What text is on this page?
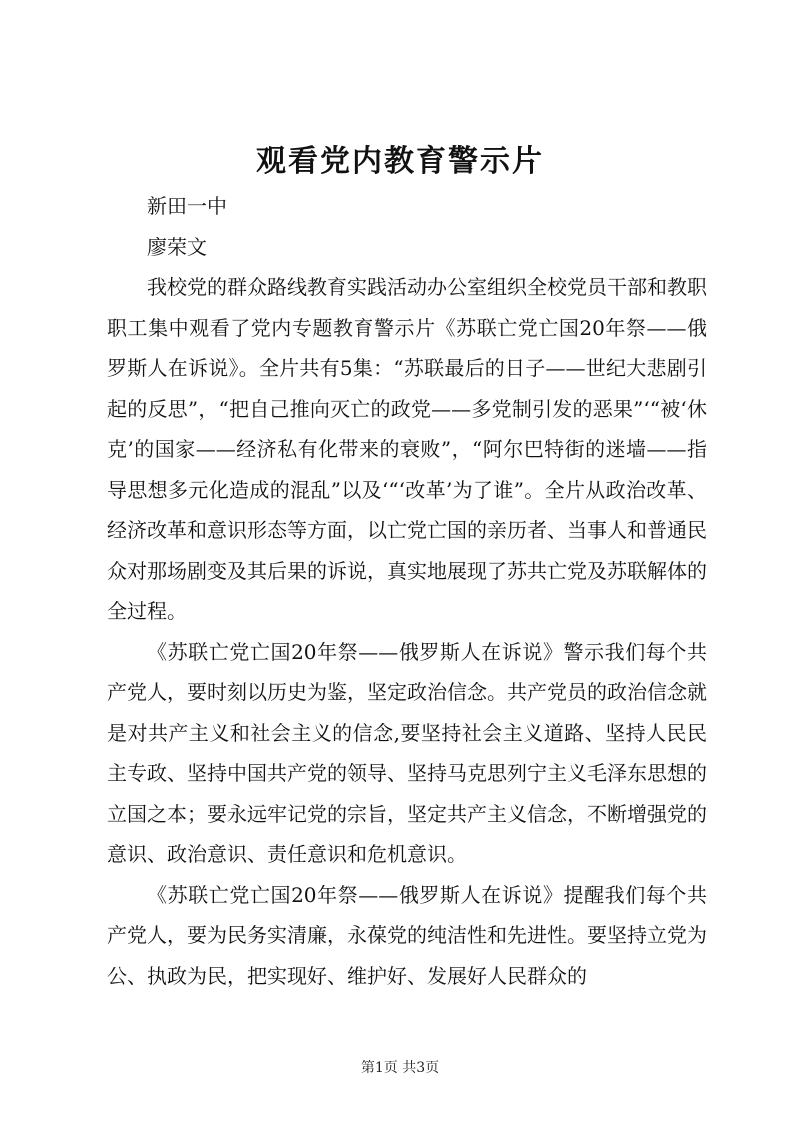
观看党内教育警示片

新田一中

廖荣文

我校党的群众路线教育实践活动办公室组织全校党员干部和教职职工集中观看了党内专题教育警示片《苏联亡党亡国20年祭——俄罗斯人在诉说》。全片共有5集：“苏联最后的日子——世纪大悲剧引起的反思”，“把自己推向灭亡的政党——多党制引发的恶果”‘“被‘休克’的国家——经济私有化带来的衰败”，“阿尔巴特街的迷墙——指导思想多元化造成的混乱”以及‘“‘改革’为了谁”。全片从政治改革、经济改革和意识形态等方面，以亡党亡国的亲历者、当事人和普通民众对那场剧变及其后果的诉说，真实地展现了苏共亡党及苏联解体的全过程。

《苏联亡党亡国20年祭——俄罗斯人在诉说》警示我们每个共产党人，要时刻以历史为鉴，坚定政治信念。共产党员的政治信念就是对共产主义和社会主义的信念,要坚持社会主义道路、坚持人民民主专政、坚持中国共产党的领导、坚持马克思列宁主义毛泽东思想的立国之本；要永远牢记党的宗旨，坚定共产主义信念，不断增强党的意识、政治意识、责任意识和危机意识。

《苏联亡党亡国20年祭——俄罗斯人在诉说》提醒我们每个共产党人，要为民务实清廉，永葆党的纯洁性和先进性。要坚持立党为公、执政为民，把实现好、维护好、发展好人民群众的

第1页 共3页
